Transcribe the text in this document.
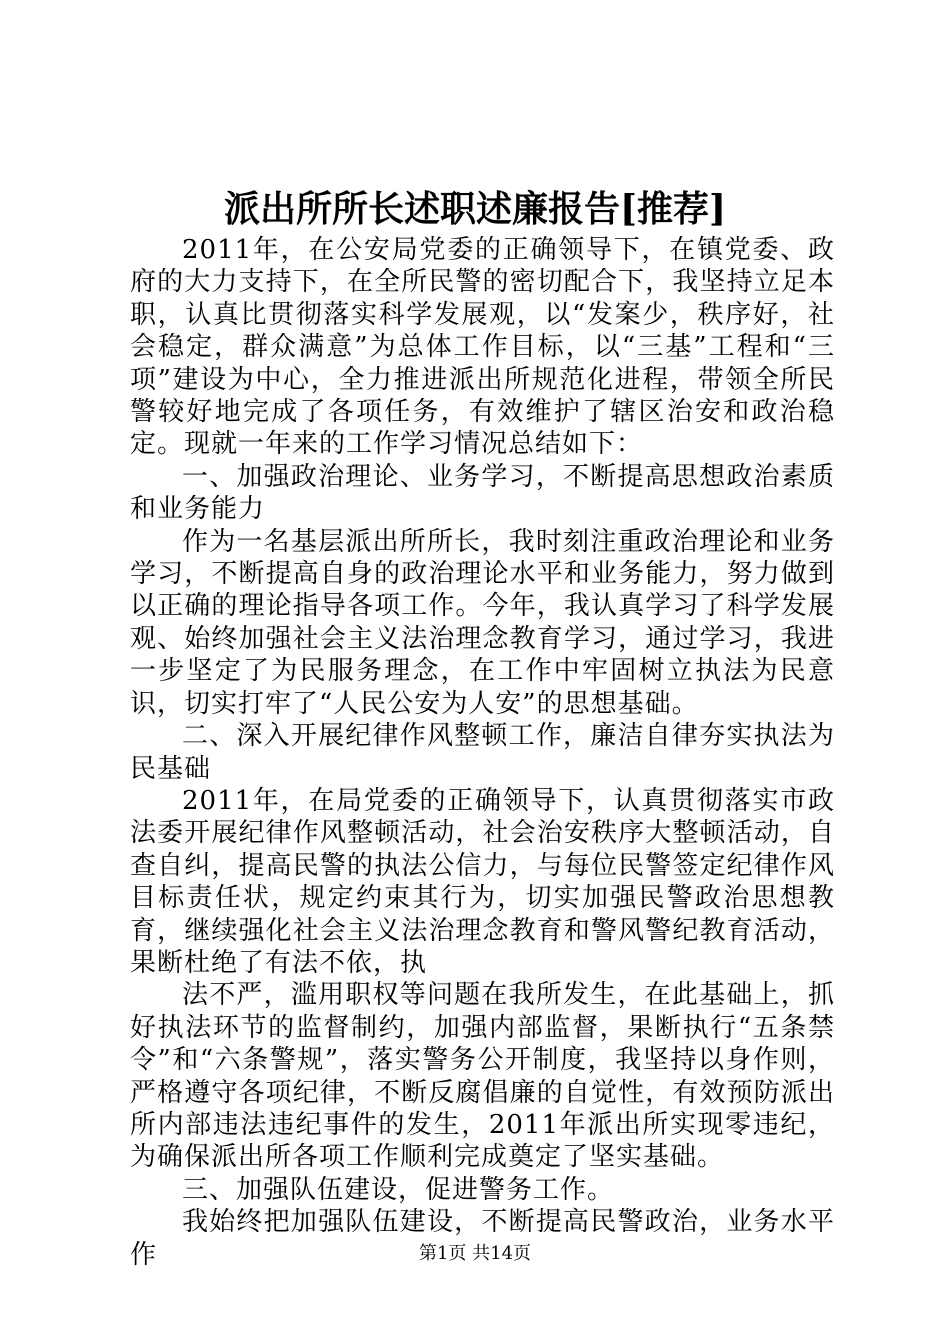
派出所所长述职述廉报告[推荐]

2011年，在公安局党委的正确领导下，在镇党委、政府的大力支持下，在全所民警的密切配合下，我坚持立足本职，认真比贯彻落实科学发展观，以“发案少，秩序好，社会稳定，群众满意”为总体工作目标，以“三基”工程和“三项”建设为中心，全力推进派出所规范化进程，带领全所民警较好地完成了各项任务，有效维护了辖区治安和政治稳定。现就一年来的工作学习情况总结如下：

一、加强政治理论、业务学习，不断提高思想政治素质和业务能力

作为一名基层派出所所长，我时刻注重政治理论和业务学习，不断提高自身的政治理论水平和业务能力，努力做到以正确的理论指导各项工作。今年，我认真学习了科学发展观、始终加强社会主义法治理念教育学习，通过学习，我进一步坚定了为民服务理念，在工作中牢固树立执法为民意识，切实打牢了“人民公安为人安”的思想基础。

二、深入开展纪律作风整顿工作，廉洁自律夯实执法为民基础

2011年，在局党委的正确领导下，认真贯彻落实市政法委开展纪律作风整顿活动，社会治安秩序大整顿活动，自查自纠，提高民警的执法公信力，与每位民警签定纪律作风目标责任状，规定约束其行为，切实加强民警政治思想教育，继续强化社会主义法治理念教育和警风警纪教育活动，果断杜绝了有法不依，执

法不严，滥用职权等问题在我所发生，在此基础上，抓好执法环节的监督制约，加强内部监督，果断执行“五条禁令”和“六条警规”，落实警务公开制度，我坚持以身作则，严格遵守各项纪律，不断反腐倡廉的自觉性，有效预防派出所内部违法违纪事件的发生，2011年派出所实现零违纪，为确保派出所各项工作顺利完成奠定了坚实基础。

三、加强队伍建设，促进警务工作。

我始终把加强队伍建设，不断提高民警政治，业务水平作	第1页 共14页
